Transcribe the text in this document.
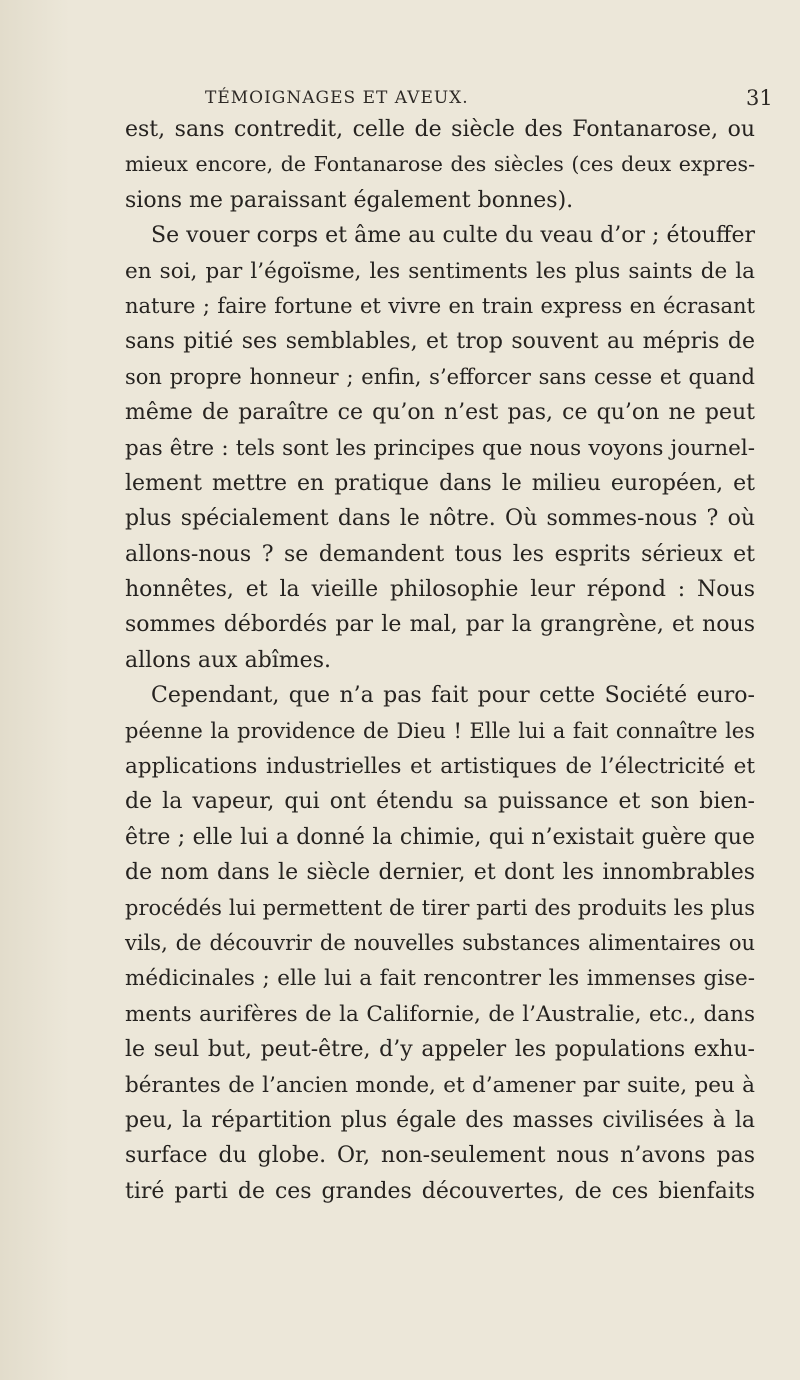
TÉMOIGNAGES ET AVEUX.	31
est, sans contredit, celle de siècle des Fontanarose, ou
mieux encore, de Fontanarose des siècles (ces deux expres-
sions me paraissant également bonnes).
Se vouer corps et âme au culte du veau d’or ; étouffer
en soi, par l’égoïsme, les sentiments les plus saints de la
nature ; faire fortune et vivre en train express en écrasant
sans pitié ses semblables, et trop souvent au mépris de
son propre honneur ; enfin, s’efforcer sans cesse et quand
même de paraître ce qu’on n’est pas, ce qu’on ne peut
pas être : tels sont les principes que nous voyons journel-
lement mettre en pratique dans le milieu européen, et
plus spécialement dans le nôtre. Où sommes-nous ? où
allons-nous ? se demandent tous les esprits sérieux et
honnêtes, et la vieille philosophie leur répond : Nous
sommes débordés par le mal, par la grangrène, et nous
allons aux abîmes.
Cependant, que n’a pas fait pour cette Société euro-
péenne la providence de Dieu ! Elle lui a fait connaître les
applications industrielles et artistiques de l’électricité et
de la vapeur, qui ont étendu sa puissance et son bien-
être ; elle lui a donné la chimie, qui n’existait guère que
de nom dans le siècle dernier, et dont les innombrables
procédés lui permettent de tirer parti des produits les plus
vils, de découvrir de nouvelles substances alimentaires ou
médicinales ; elle lui a fait rencontrer les immenses gise-
ments aurifères de la Californie, de l’Australie, etc., dans
le seul but, peut-être, d’y appeler les populations exhu-
bérantes de l’ancien monde, et d’amener par suite, peu à
peu, la répartition plus égale des masses civilisées à la
surface du globe. Or, non-seulement nous n’avons pas
tiré parti de ces grandes découvertes, de ces bienfaits
